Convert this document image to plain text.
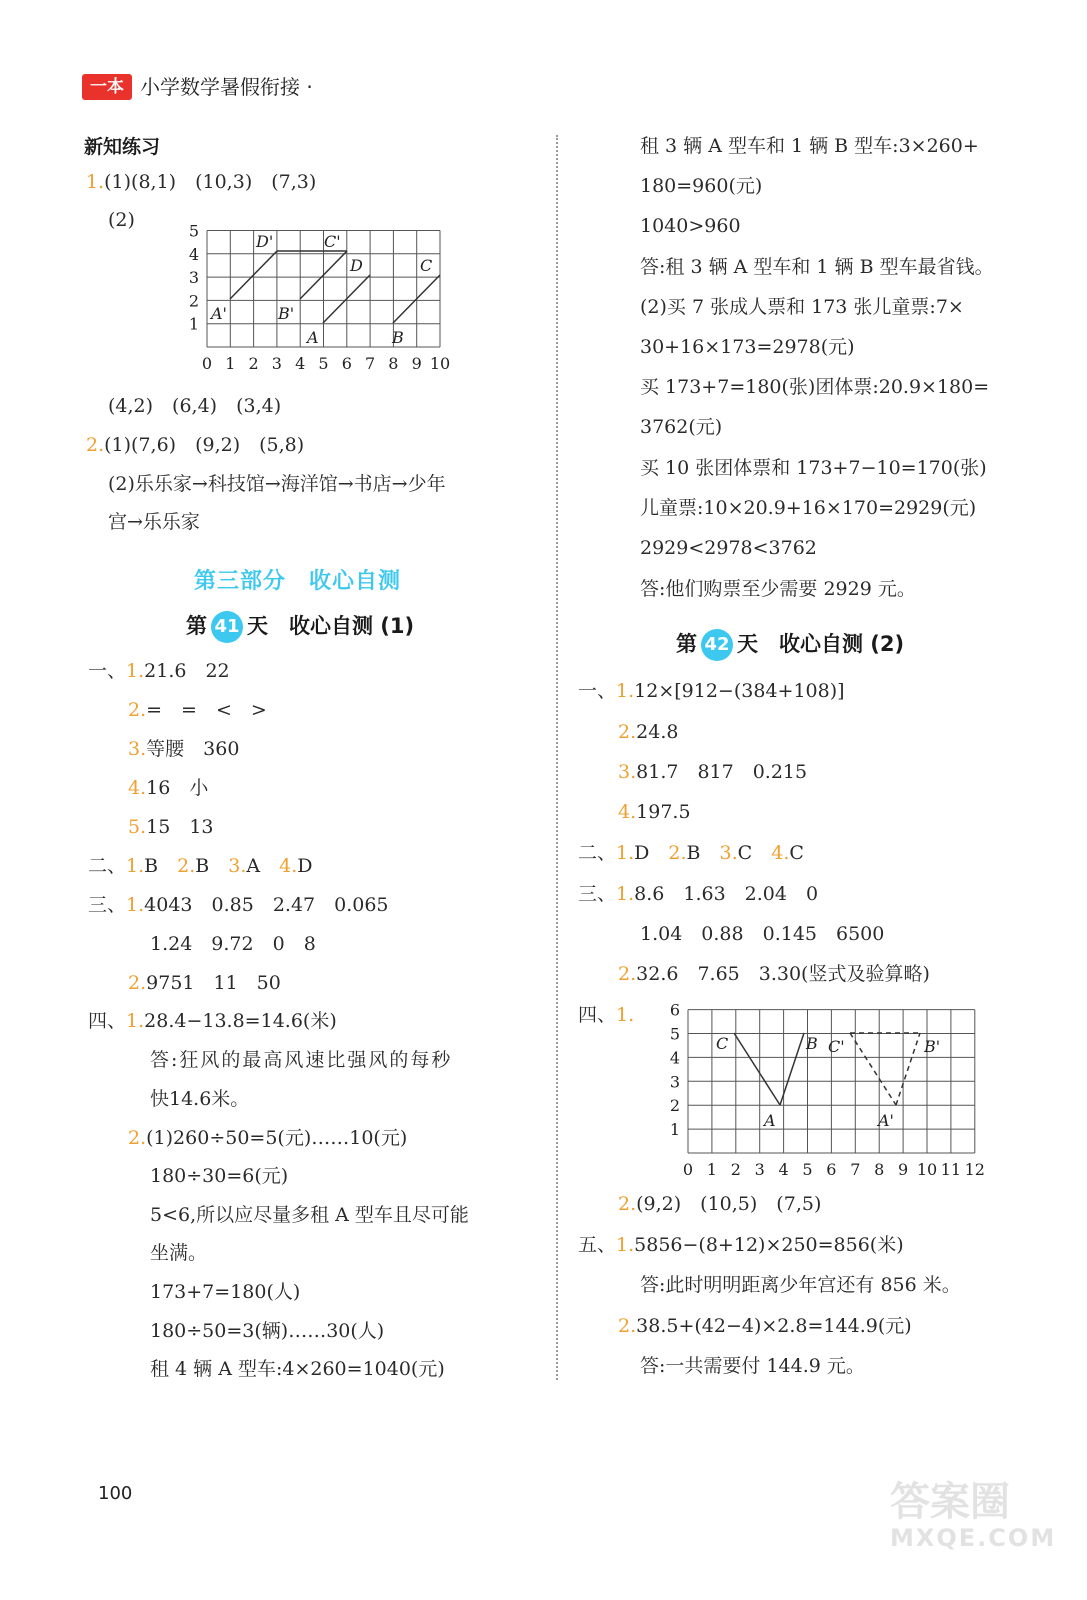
一本 小学数学暑假衔接 ·
新知练习
1.(1)(8,1)　(10,3)　(7,3)
(2)
0 1 2 3 4 5 6 7 8 9 10
1
2
3
4
5
A'	B'
A	B
D'	C'
D	C
(4,2)　(6,4)　(3,4)
2.(1)(7,6)　(9,2)　(5,8)
(2)乐乐家→科技馆→海洋馆→书店→少年
宫→乐乐家
第三部分　收心自测
第 41 天　收心自测 (1)
一、1.21.6　22
2.=　=　<　>
3.等腰　360
4.16　小
5.15　13
二、1.B　 2.B　 3.A　 4.D
三、1.4043　0.85　2.47　0.065
1.24　9.72　0　8
2.9751　11　50
四、1.28.4−13.8=14.6(米)
答:狂风的最高风速比强风的每秒
快14.6米。
2.(1)260÷50=5(元)……10(元)
180÷30=6(元)
5<6,所以应尽量多租 A 型车且尽可能
坐满。
173+7=180(人)
180÷50=3(辆)……30(人)
租 4 辆 A 型车:4×260=1040(元)
租 3 辆 A 型车和 1 辆 B 型车:3×260+
180=960(元)
1040>960
答:租 3 辆 A 型车和 1 辆 B 型车最省钱。
(2)买 7 张成人票和 173 张儿童票:7×
30+16×173=2978(元)
买 173+7=180(张)团体票:20.9×180=
3762(元)
买 10 张团体票和 173+7−10=170(张)
儿童票:10×20.9+16×170=2929(元)
2929<2978<3762
答:他们购票至少需要 2929 元。
第 42 天　收心自测 (2)
一、1.12×[912−(384+108)]
2.24.8
3.81.7　817　0.215
4.197.5
二、1.D　 2.B　 3.C　 4.C
三、1.8.6　1.63　2.04　0
1.04　0.88　0.145　6500
2.32.6　7.65　3.30(竖式及验算略)
四、1.
0 1 2 3 4 5 6 7 8 9 10 11 12
1
2
3
4
5
6
C	B
A
C'	B'
A'
2.(9,2)　(10,5)　(7,5)
五、1.5856−(8+12)×250=856(米)
答:此时明明距离少年宫还有 856 米。
2.38.5+(42−4)×2.8=144.9(元)
答:一共需要付 144.9 元。
100	答案圈
MXQE.COM
